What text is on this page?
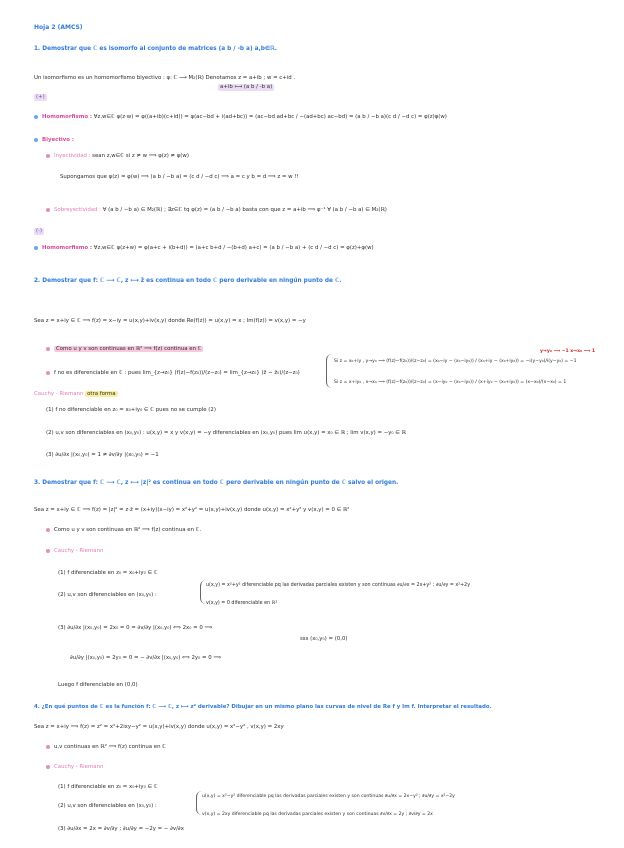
Hoja 2 (AMCS)
1. Demostrar que ℂ es isomorfo al conjunto de matrices (a b / -b a) a,b∈ℝ.
Un isomorfismo es un homomorfismo biyectivo : φ: ℂ ⟶ M₂(ℝ) Denotamos z = a+ib ; w = c+id .
a+ib ⟼ (a b / -b a)
(+)
Homomorfismo : ∀z,w∈ℂ φ(z·w) = φ((a+ib)(c+id)) = φ(ac−bd + i(ad+bc)) = (ac−bd ad+bc / −(ad+bc) ac−bd) = (a b / −b a)(c d / −d c) = φ(z)φ(w)
Biyectivo :
Inyectividad : sean z,w∈ℂ si z ≠ w ⟹ φ(z) ≠ φ(w)
Supongamos que φ(z) = φ(w) ⟹ (a b / −b a) = (c d / −d c) ⟹ a = c y b = d ⟹ z = w !!
Sobreyectividad : ∀ (a b / −b a) ∈ M₂(ℝ) ; ∃z∈ℂ tq φ(z) = (a b / −b a) basta con que z = a+ib ⟹ φ⁻¹ ∀ (a b / −b a) ∈ M₂(ℝ)
(·)
Homomorfismo : ∀z,w∈ℂ φ(z+w) = φ(a+c + i(b+d)) = (a+c b+d / −(b+d) a+c) = (a b / −b a) + (c d / −d c) = φ(z)+φ(w)
2. Demostrar que f: ℂ ⟶ ℂ, z ⟼ z̄ es continua en todo ℂ pero derivable en ningún punto de ℂ.
Sea z = x+iy ∈ ℂ ⟹ f(z) = x−iy = u(x,y)+iv(x,y) donde Re(f(z)) = u(x,y) = x ; Im(f(z)) = v(x,y) = −y
Como u y v son continuas en ℝ² ⟹ f(z) continua en ℂ
f no es diferenciable en ℂ : pues lim_{z→z₀} (f(z)−f(z₀))/(z−z₀) = lim_{z→z₀} (z̄ − z̄₀)/(z−z₀)
Si z = x₀+iy , y→y₀ ⟹ (f(z)−f(z₀))/(z−z₀) = (x₀−iy − (x₀−iy₀)) / (x₀+iy − (x₀+iy₀)) = −i(y−y₀)/i(y−y₀) = −1
Si z = x+iy₀ , x→x₀ ⟹ (f(z)−f(z₀))/(z−z₀) = (x−iy₀ − (x₀−iy₀)) / (x+iy₀ − (x₀+iy₀)) = (x−x₀)/(x−x₀) = 1
y→y₀ ⟶ −1 x→x₀ ⟶ 1
Cauchy - Riemann otra forma
(1) f no diferenciable en z₀ = x₀+iy₀ ∈ ℂ pues no se cumple (2)
(2) u,v son diferenciables en (x₀,y₀) : u(x,y) = x y v(x,y) = −y diferenciables en (x₀,y₀) pues lim u(x,y) = x₀ ∈ ℝ ; lim v(x,y) = −y₀ ∈ ℝ
(3) ∂u/∂x |(x₀,y₀) = 1 ≠ ∂v/∂y |(x₀,y₀) = −1
3. Demostrar que f: ℂ ⟶ ℂ, z ⟼ |z|² es continua en todo ℂ pero derivable en ningún punto de ℂ salvo el origen.
Sea z = x+iy ∈ ℂ ⟹ f(z) = |z|² = z·z̄ = (x+iy)(x−iy) = x²+y² = u(x,y)+iv(x,y) donde u(x,y) = x²+y² y v(x,y) = 0 ∈ ℝ²
Como u y v son continuas en ℝ² ⟹ f(z) continua en ℂ.
Cauchy - Riemann
(1) f diferenciable en z₀ = x₀+iy₀ ∈ ℂ
(2) u,v son diferenciables en (x₀,y₀) :
u(x,y) = x²+y² diferenciable pq las derivadas parciales existen y son continuas ∂u/∂x = 2x+y² ; ∂u/∂y = x²+2y
v(x,y) = 0 diferenciable en ℝ²
(3) ∂u/∂x |(x₀,y₀) = 2x₀ = 0 = ∂v/∂y |(x₀,y₀) ⟺ 2x₀ = 0 ⟹
sss (x₀,y₀) = (0,0)
∂u/∂y |(x₀,y₀) = 2y₀ = 0 = − ∂v/∂x |(x₀,y₀) ⟺ 2y₀ = 0 ⟹
Luego f diferenciable en (0,0)
4. ¿En qué puntos de ℂ es la función f: ℂ ⟶ ℂ, z ⟼ z² derivable? Dibujar en un mismo plano las curvas de nivel de Re f y Im f. Interpretar el resultado.
Sea z = x+iy ⟹ f(z) = z² = x²+2ixy−y² = u(x,y)+iv(x,y) donde u(x,y) = x²−y² , v(x,y) = 2xy
u,v continuas en ℝ² ⟹ f(z) continua en ℂ
Cauchy - Riemann
(1) f diferenciable en z₀ = x₀+iy₀ ∈ ℂ
(2) u,v son diferenciables en (x₀,y₀) :
u(x,y) = x²−y² diferenciable pq las derivadas parciales existen y son continuas ∂u/∂x = 2x−y² ; ∂u/∂y = x²−2y
v(x,y) = 2xy diferenciable pq las derivadas parciales existen y son continuas ∂v/∂x = 2y ; ∂v/∂y = 2x
(3) ∂u/∂x = 2x = ∂v/∂y ; ∂u/∂y = −2y = − ∂v/∂x
